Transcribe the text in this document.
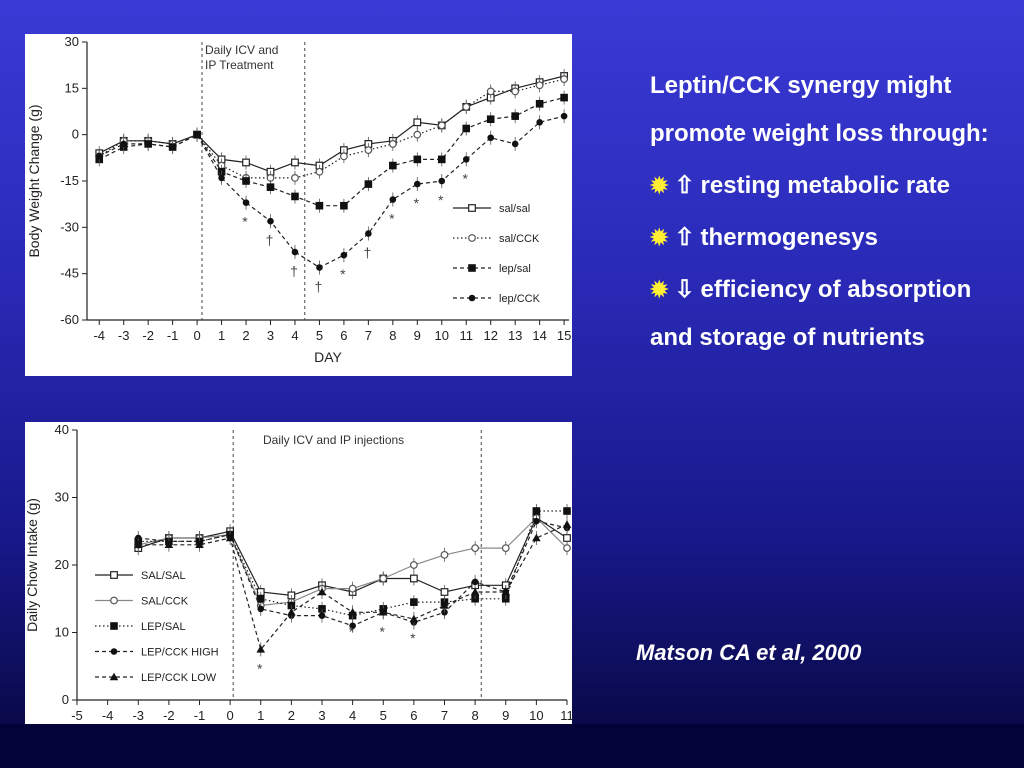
30
15
0
-15
-30
-45
-60
-4 -3 -2 -1 0 1 2 3 4 5 6 7 8 9 10 11 12 13 14 15
DAY
Body Weight Change (g)
Daily ICV and
IP Treatment
*
†
†
†
*
†
*
* *
*
sal/sal
sal/CCK
lep/sal
lep/CCK
0
10
20
30
40
-5 -4 -3 -2 -1 0 1 2 3 4 5 6 7 8 9 10 11
Daily Chow Intake (g)
Daily ICV and IP injections
*
* * *
SAL/SAL
SAL/CCK
LEP/SAL
LEP/CCK HIGH
LEP/CCK LOW

Leptin/CCK synergy might promote weight loss through:

✹ ⇧ resting metabolic rate

✹ ⇧ thermogenesys

✹ ⇩ efficiency of absorption and storage of nutrients

Matson CA et al, 2000
